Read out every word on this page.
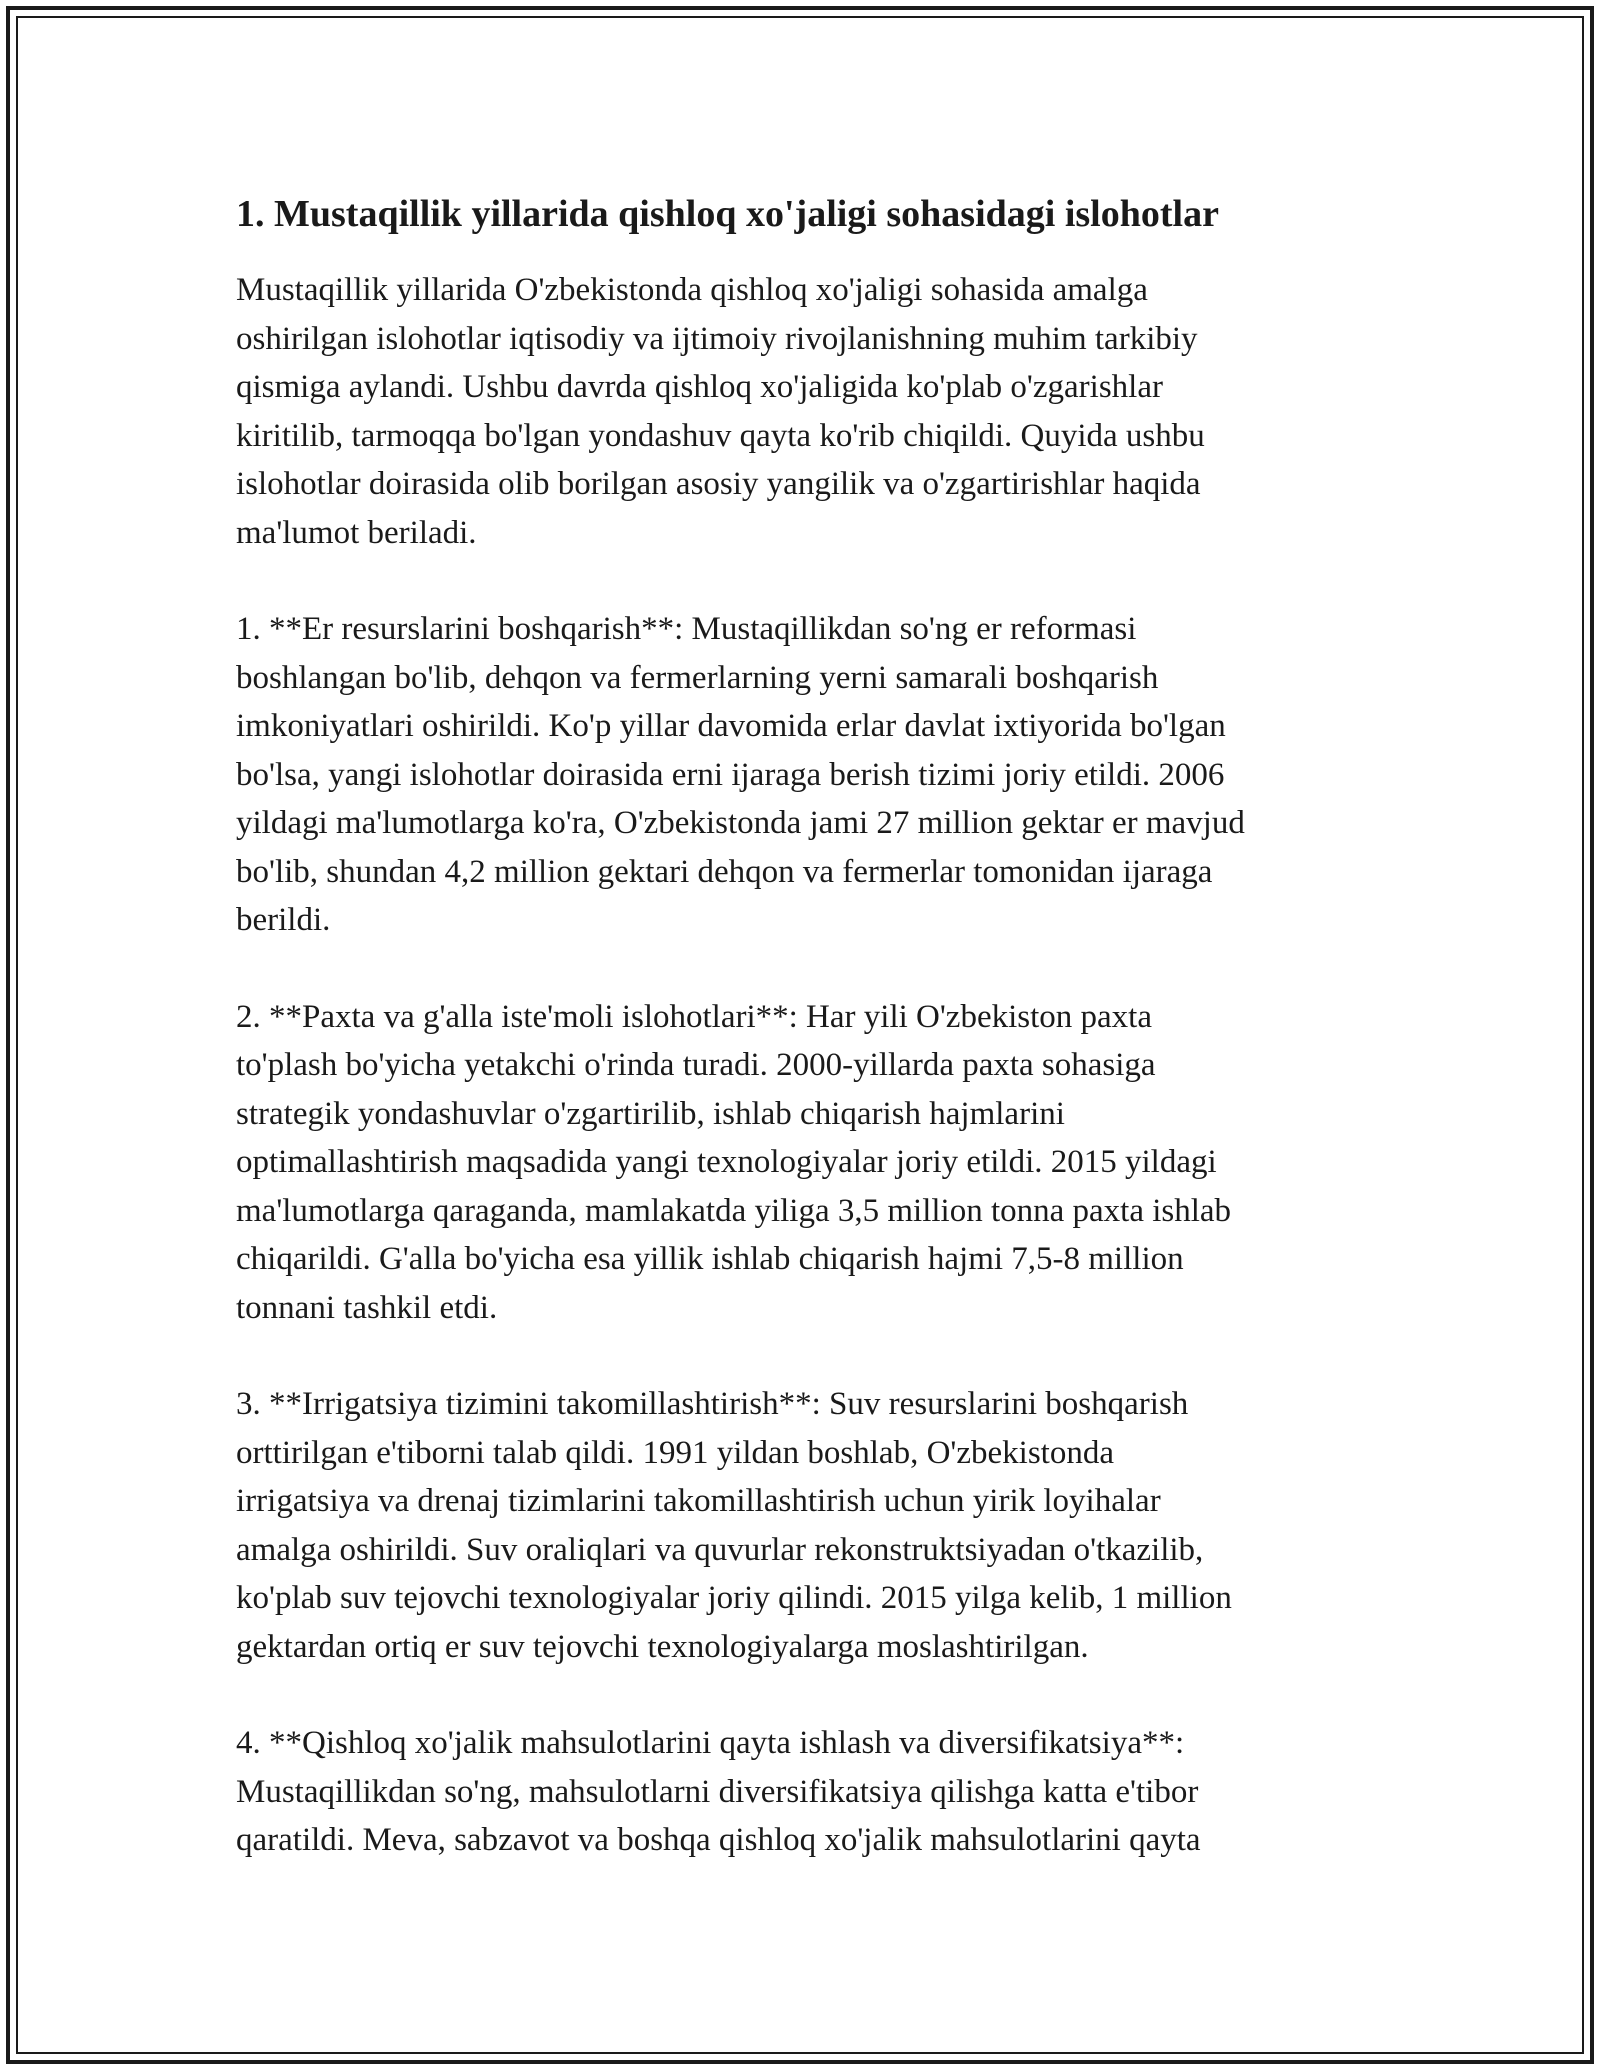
1. Mustaqillik yillarida qishloq xo'jaligi sohasidagi islohotlar

Mustaqillik yillarida O'zbekistonda qishloq xo'jaligi sohasida amalga
oshirilgan islohotlar iqtisodiy va ijtimoiy rivojlanishning muhim tarkibiy
qismiga aylandi. Ushbu davrda qishloq xo'jaligida ko'plab o'zgarishlar
kiritilib, tarmoqqa bo'lgan yondashuv qayta ko'rib chiqildi. Quyida ushbu
islohotlar doirasida olib borilgan asosiy yangilik va o'zgartirishlar haqida
ma'lumot beriladi.

1. **Er resurslarini boshqarish**: Mustaqillikdan so'ng er reformasi
boshlangan bo'lib, dehqon va fermerlarning yerni samarali boshqarish
imkoniyatlari oshirildi. Ko'p yillar davomida erlar davlat ixtiyorida bo'lgan
bo'lsa, yangi islohotlar doirasida erni ijaraga berish tizimi joriy etildi. 2006
yildagi ma'lumotlarga ko'ra, O'zbekistonda jami 27 million gektar er mavjud
bo'lib, shundan 4,2 million gektari dehqon va fermerlar tomonidan ijaraga
berildi.

2. **Paxta va g'alla iste'moli islohotlari**: Har yili O'zbekiston paxta
to'plash bo'yicha yetakchi o'rinda turadi. 2000-yillarda paxta sohasiga
strategik yondashuvlar o'zgartirilib, ishlab chiqarish hajmlarini
optimallashtirish maqsadida yangi texnologiyalar joriy etildi. 2015 yildagi
ma'lumotlarga qaraganda, mamlakatda yiliga 3,5 million tonna paxta ishlab
chiqarildi. G'alla bo'yicha esa yillik ishlab chiqarish hajmi 7,5-8 million
tonnani tashkil etdi.

3. **Irrigatsiya tizimini takomillashtirish**: Suv resurslarini boshqarish
orttirilgan e'tiborni talab qildi. 1991 yildan boshlab, O'zbekistonda
irrigatsiya va drenaj tizimlarini takomillashtirish uchun yirik loyihalar
amalga oshirildi. Suv oraliqlari va quvurlar rekonstruktsiyadan o'tkazilib,
ko'plab suv tejovchi texnologiyalar joriy qilindi. 2015 yilga kelib, 1 million
gektardan ortiq er suv tejovchi texnologiyalarga moslashtirilgan.

4. **Qishloq xo'jalik mahsulotlarini qayta ishlash va diversifikatsiya**:
Mustaqillikdan so'ng, mahsulotlarni diversifikatsiya qilishga katta e'tibor
qaratildi. Meva, sabzavot va boshqa qishloq xo'jalik mahsulotlarini qayta
